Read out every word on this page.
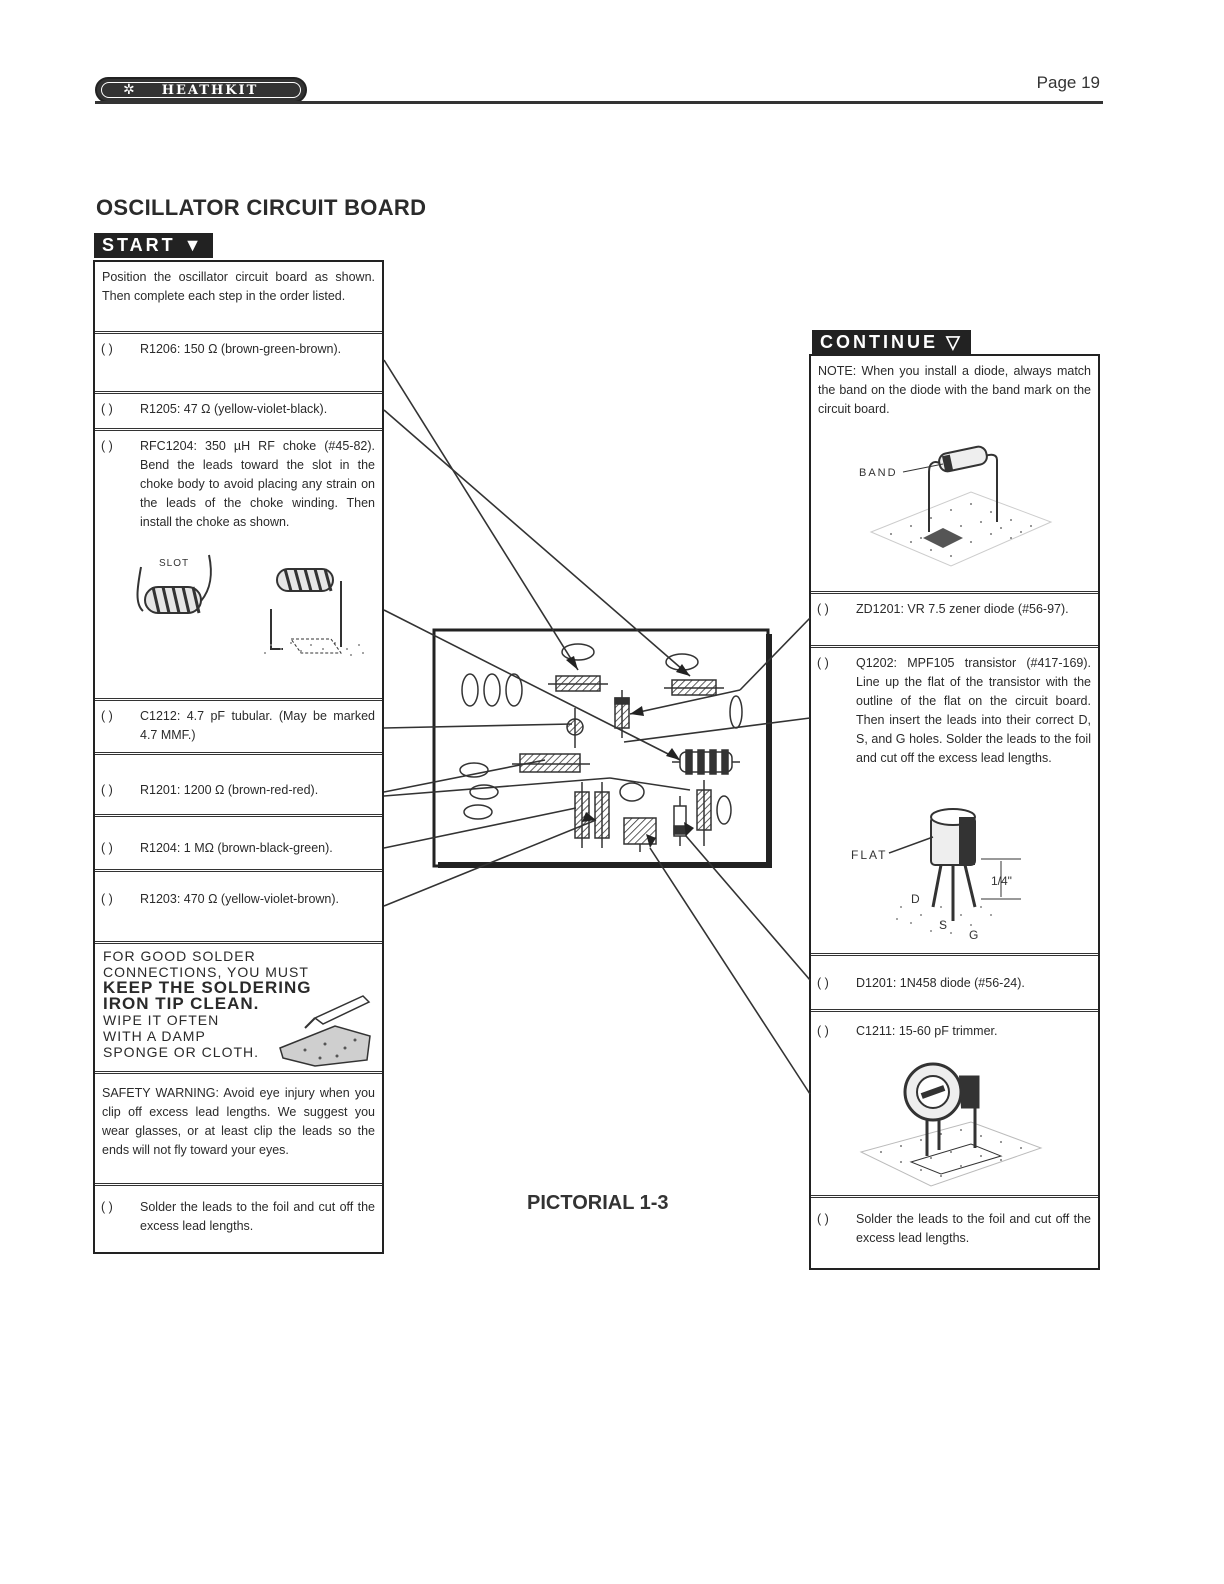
HEATHKIT
✲	Page 19
OSCILLATOR CIRCUIT BOARD
START ▼
Position the oscillator circuit board as shown. Then complete each step in the order listed.
( )	R1206: 150 Ω (brown-green-brown).
( )	R1205: 47 Ω (yellow-violet-black).
( )	RFC1204: 350 µH RF choke (#45-82). Bend the leads toward the slot in the choke body to avoid placing any strain on the leads of the choke winding. Then install the choke as shown.
SLOT
( )	C1212: 4.7 pF tubular. (May be marked 4.7 MMF.)
( )	R1201: 1200 Ω (brown-red-red).
( )	R1204: 1 MΩ (brown-black-green).
( )	R1203: 470 Ω (yellow-violet-brown).
FOR GOOD SOLDER
CONNECTIONS, YOU MUST
KEEP THE SOLDERING
IRON TIP CLEAN.
WIPE IT OFTEN
WITH A DAMP
SPONGE OR CLOTH.
SAFETY WARNING: Avoid eye injury when you clip off excess lead lengths. We suggest you wear glasses, or at least clip the leads so the ends will not fly toward your eyes.
( )	Solder the leads to the foil and cut off the excess lead lengths.
CONTINUE ▽
NOTE: When you install a diode, always match the band on the diode with the band mark on the circuit board.
BAND
( )	ZD1201: VR 7.5 zener diode (#56-97).
( )	Q1202: MPF105 transistor (#417-169). Line up the flat of the transistor with the outline of the flat on the circuit board. Then insert the leads into their correct D, S, and G holes. Solder the leads to the foil and cut off the excess lead lengths.
FLAT
1/4"
D
S
G
( )	D1201: 1N458 diode (#56-24).
( )	C1211: 15-60 pF trimmer.
( )	Solder the leads to the foil and cut off the excess lead lengths.
PICTORIAL 1-3
